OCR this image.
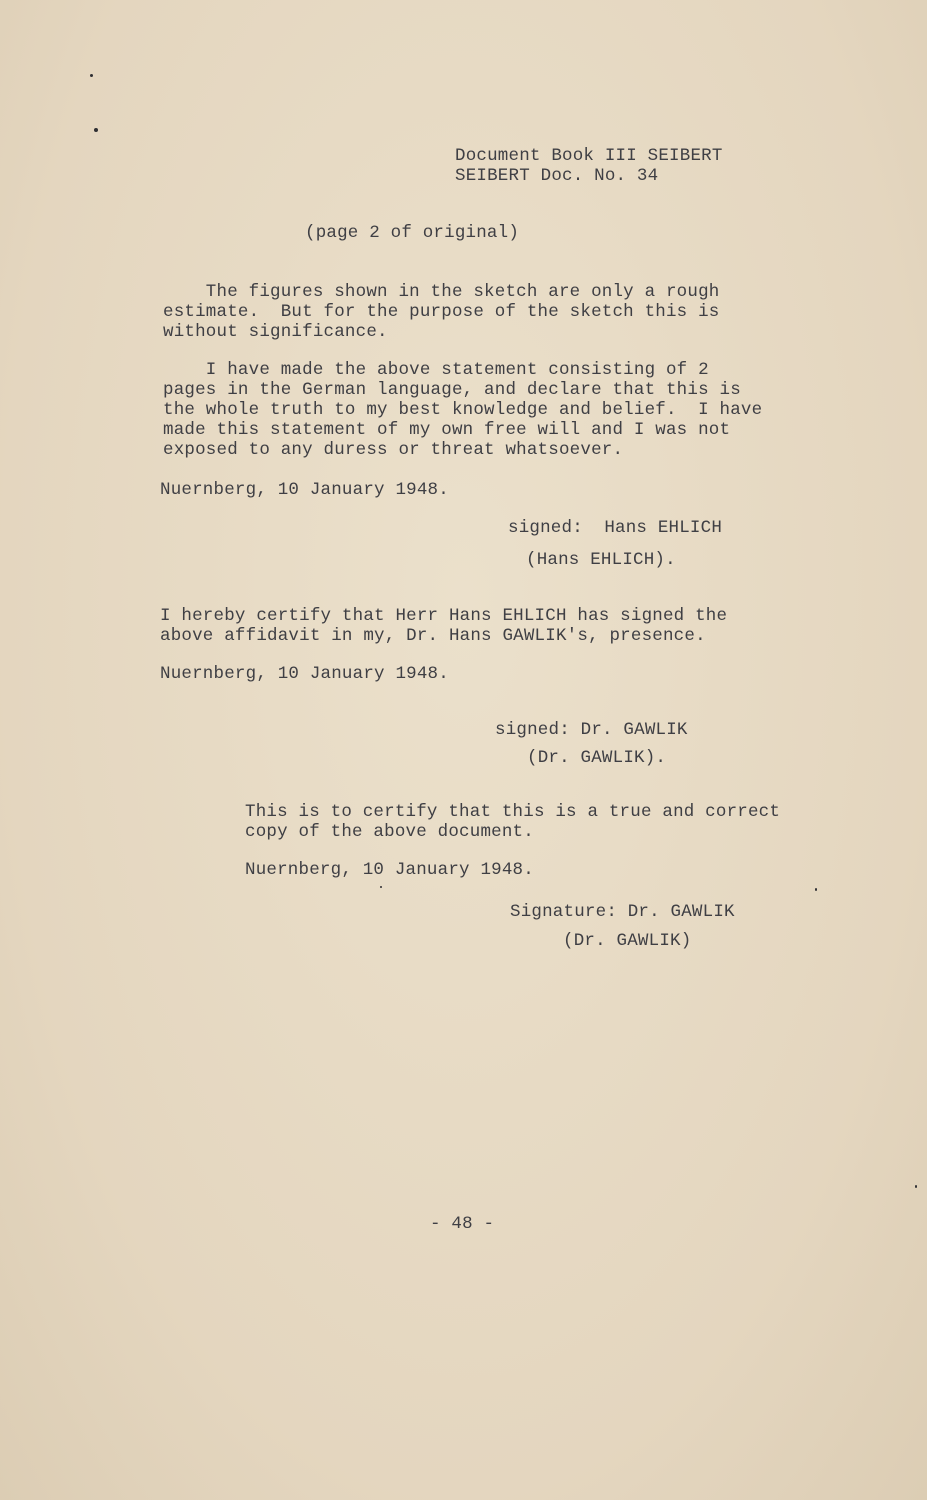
Document Book III SEIBERT
SEIBERT Doc. No. 34
(page 2 of original)
The figures shown in the sketch are only a rough
estimate.  But for the purpose of the sketch this is
without significance.
I have made the above statement consisting of 2
pages in the German language, and declare that this is
the whole truth to my best knowledge and belief.  I have
made this statement of my own free will and I was not
exposed to any duress or threat whatsoever.
Nuernberg, 10 January 1948.
signed:  Hans EHLICH
(Hans EHLICH).
I hereby certify that Herr Hans EHLICH has signed the
above affidavit in my, Dr. Hans GAWLIK's, presence.
Nuernberg, 10 January 1948.
signed: Dr. GAWLIK
(Dr. GAWLIK).
This is to certify that this is a true and correct
copy of the above document.
Nuernberg, 10 January 1948.
Signature: Dr. GAWLIK
(Dr. GAWLIK)
- 48 -
